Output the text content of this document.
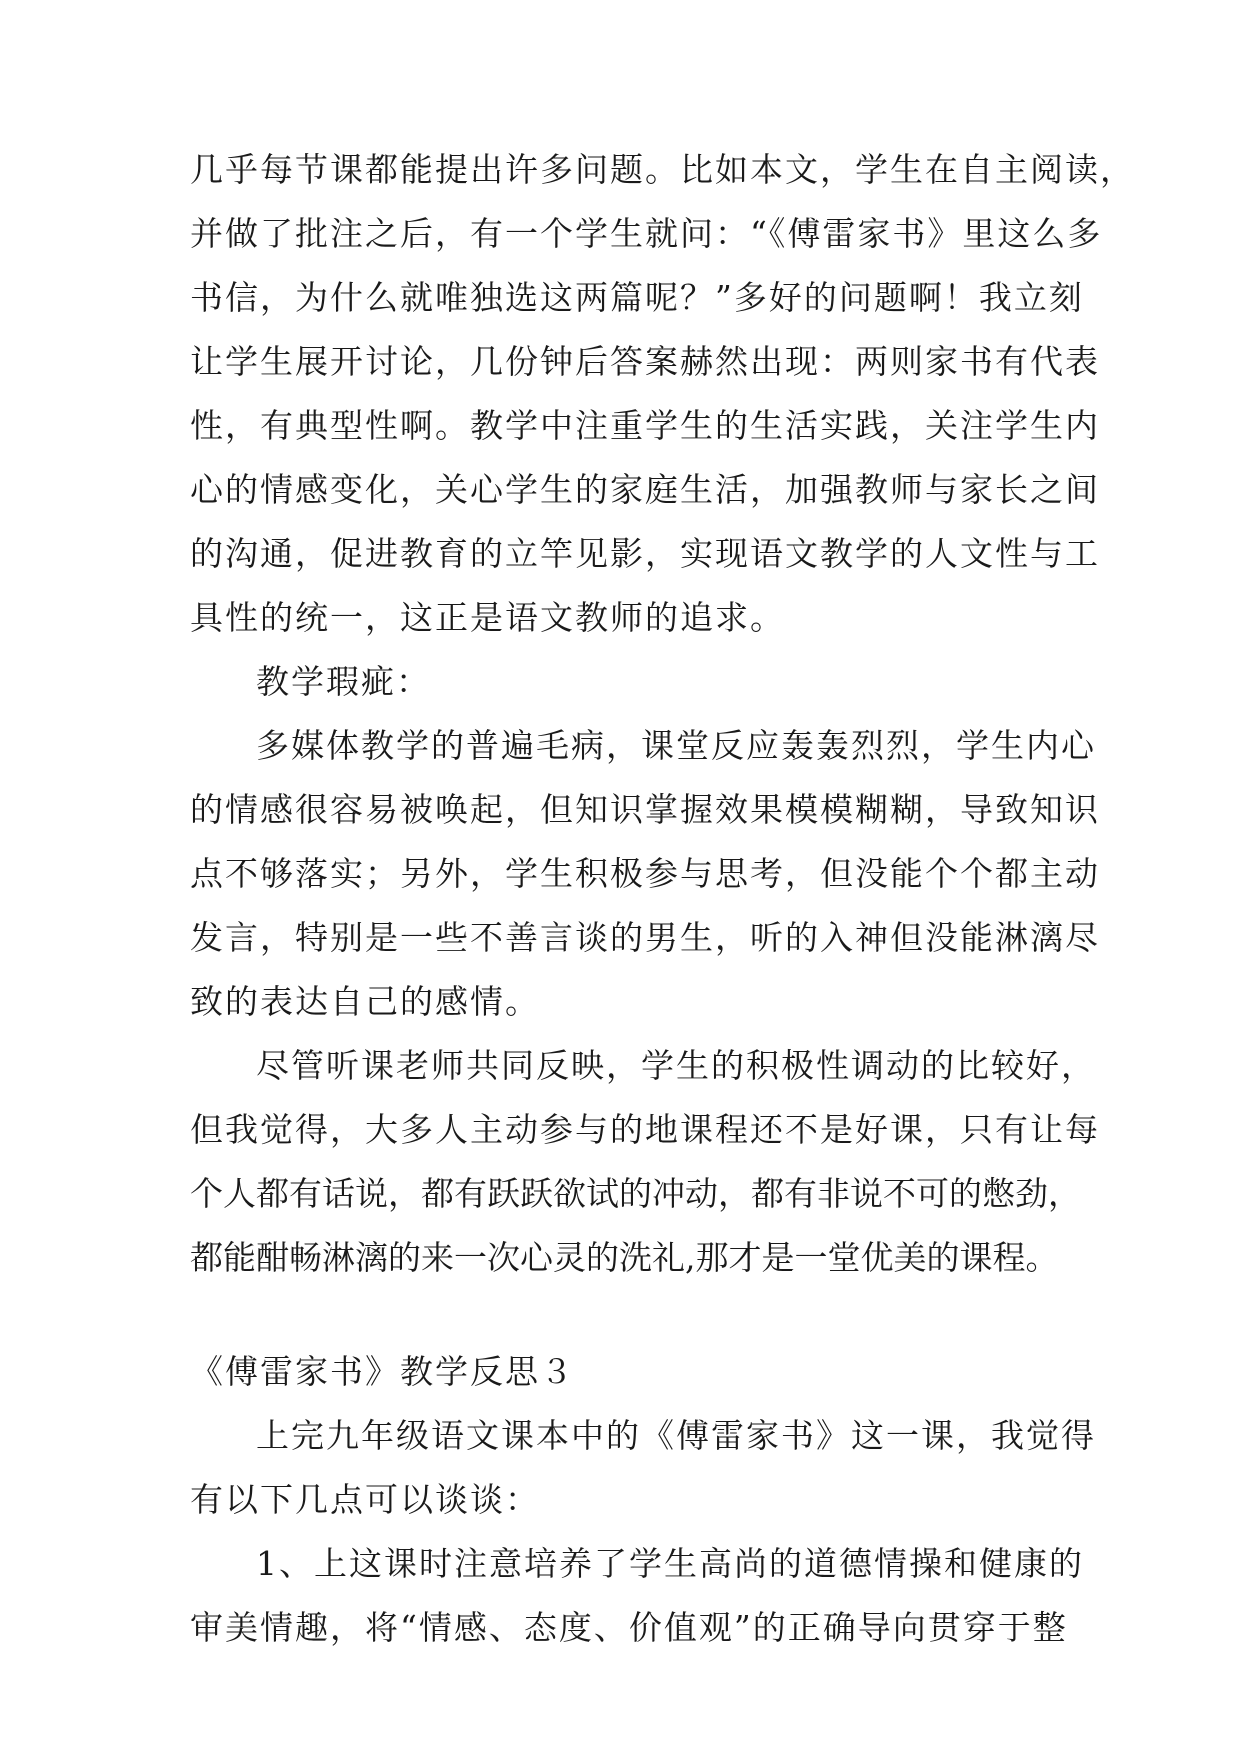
几乎每节课都能提出许多问题。比如本文，学生在自主阅读，

并做了批注之后，有一个学生就问：“《傅雷家书》里这么多

书信，为什么就唯独选这两篇呢？”多好的问题啊！我立刻

让学生展开讨论，几份钟后答案赫然出现：两则家书有代表

性，有典型性啊。教学中注重学生的生活实践，关注学生内

心的情感变化，关心学生的家庭生活，加强教师与家长之间

的沟通，促进教育的立竿见影，实现语文教学的人文性与工

具性的统一，这正是语文教师的追求。

教学瑕疵：

多媒体教学的普遍毛病，课堂反应轰轰烈烈，学生内心

的情感很容易被唤起，但知识掌握效果模模糊糊，导致知识

点不够落实；另外，学生积极参与思考，但没能个个都主动

发言，特别是一些不善言谈的男生，听的入神但没能淋漓尽

致的表达自己的感情。

尽管听课老师共同反映，学生的积极性调动的比较好，

但我觉得，大多人主动参与的地课程还不是好课，只有让每

个人都有话说，都有跃跃欲试的冲动，都有非说不可的憋劲，

都能酣畅淋漓的来一次心灵的洗礼,那才是一堂优美的课程。

《傅雷家书》教学反思３

上完九年级语文课本中的《傅雷家书》这一课，我觉得

有以下几点可以谈谈：

1、上这课时注意培养了学生高尚的道德情操和健康的

审美情趣，将“情感、态度、价值观”的正确导向贯穿于整
